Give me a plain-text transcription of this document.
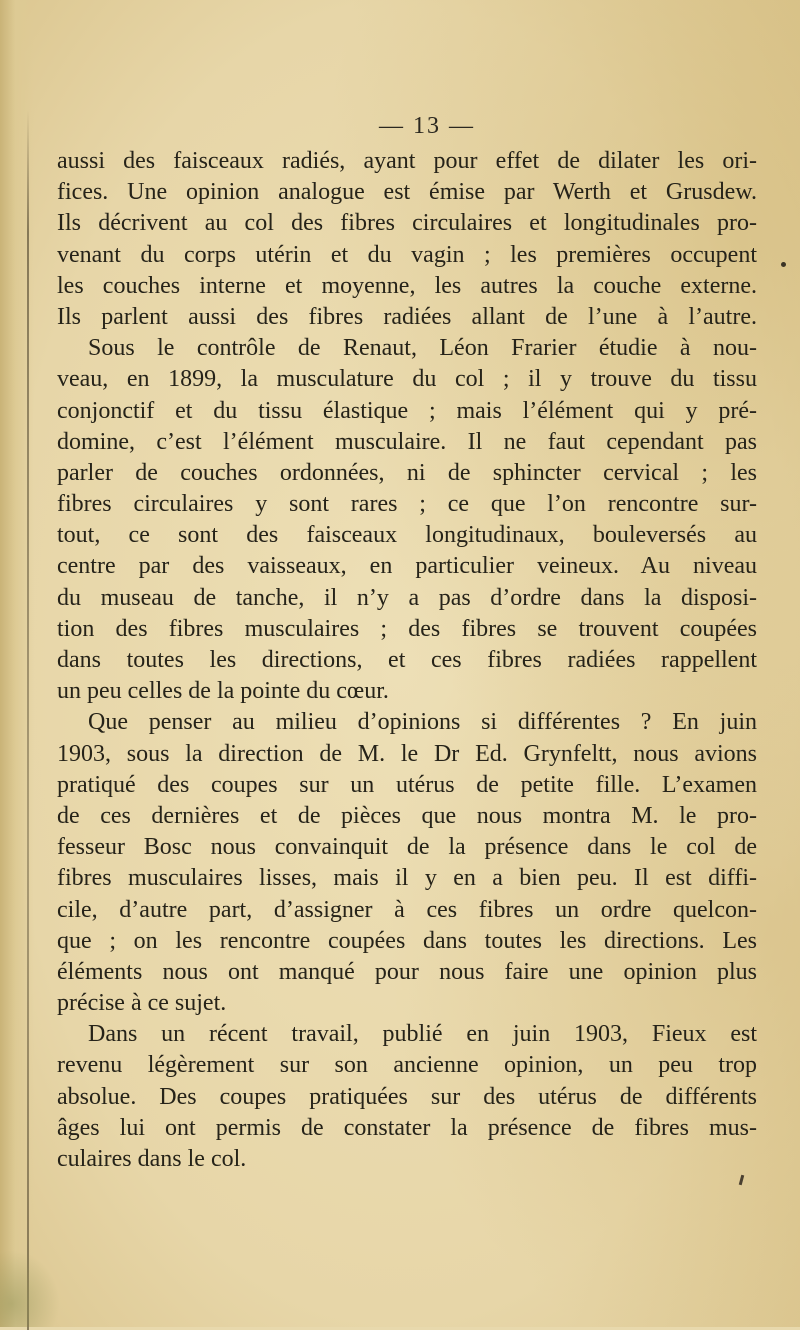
— 13 —
aussi des faisceaux radiés, ayant pour effet de dilater les ori-
fices. Une opinion analogue est émise par Werth et Grusdew.
Ils décrivent au col des fibres circulaires et longitudinales pro-
venant du corps utérin et du vagin ; les premières occupent
les couches interne et moyenne, les autres la couche externe.
Ils parlent aussi des fibres radiées allant de l’une à l’autre.
Sous le contrôle de Renaut, Léon Frarier étudie à nou-
veau, en 1899, la musculature du col ; il y trouve du tissu
conjonctif et du tissu élastique ; mais l’élément qui y pré-
domine, c’est l’élément musculaire. Il ne faut cependant pas
parler de couches ordonnées, ni de sphincter cervical ; les
fibres circulaires y sont rares ; ce que l’on rencontre sur-
tout, ce sont des faisceaux longitudinaux, bouleversés au
centre par des vaisseaux, en particulier veineux. Au niveau
du museau de tanche, il n’y a pas d’ordre dans la disposi-
tion des fibres musculaires ; des fibres se trouvent coupées
dans toutes les directions, et ces fibres radiées rappellent
un peu celles de la pointe du cœur.
Que penser au milieu d’opinions si différentes ? En juin
1903, sous la direction de M. le Dr Ed. Grynfeltt, nous avions
pratiqué des coupes sur un utérus de petite fille. L’examen
de ces dernières et de pièces que nous montra M. le pro-
fesseur Bosc nous convainquit de la présence dans le col de
fibres musculaires lisses, mais il y en a bien peu. Il est diffi-
cile, d’autre part, d’assigner à ces fibres un ordre quelcon-
que ; on les rencontre coupées dans toutes les directions. Les
éléments nous ont manqué pour nous faire une opinion plus
précise à ce sujet.
Dans un récent travail, publié en juin 1903, Fieux est
revenu légèrement sur son ancienne opinion, un peu trop
absolue. Des coupes pratiquées sur des utérus de différents
âges lui ont permis de constater la présence de fibres mus-
culaires dans le col.
